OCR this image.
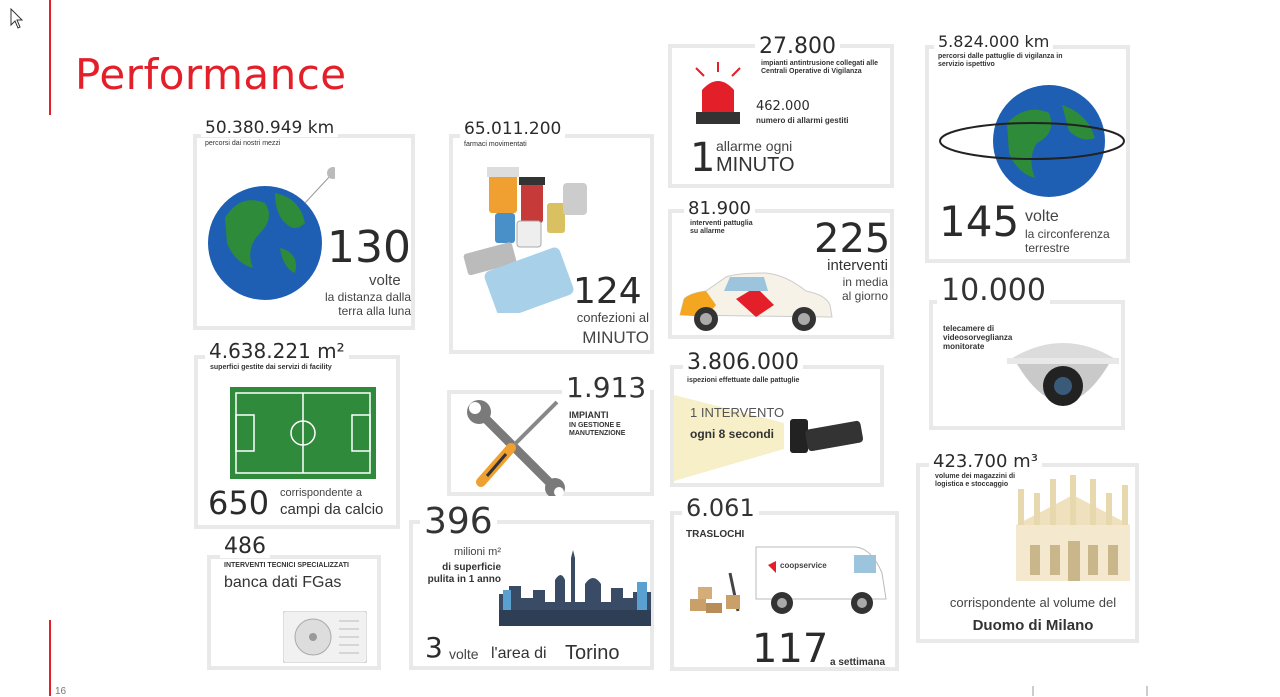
Performance
16
130
volte
la distanza dalla terra alla luna
50.380.949 km
percorsi dai nostri mezzi
124
confezioni al
MINUTO
65.011.200
farmaci movimentati
462.000
numero di allarmi gestiti
1 allarme ogni
MINUTO
27.800
impianti antintrusione collegati alle Centrali Operative di Vigilanza
145 volte
la circonferenza terrestre
5.824.000 km
percorsi dalle pattuglie di vigilanza in servizio ispettivo
225
interventi
in media al giorno
81.900
interventi pattuglia su allarme
telecamere di videosorveglianza monitorate
10.000
650 corrispondente a
campi da calcio
4.638.221 m²
superfici gestite dai servizi di facility
IMPIANTI
IN GESTIONE E MANUTENZIONE
1.913
1 INTERVENTO
ogni 8 secondi
3.806.000
ispezioni effettuate dalle pattuglie
corrispondente al volume del
Duomo di Milano
423.700 m³
volume dei magazzini di logistica e stoccaggio
486
INTERVENTI TECNICI SPECIALIZZATI
banca dati FGas
milioni m²
di superficie pulita in 1 anno
3 volte l'area di Torino
396	TRASLOCHI
coopservice
117 a settimana
6.061
